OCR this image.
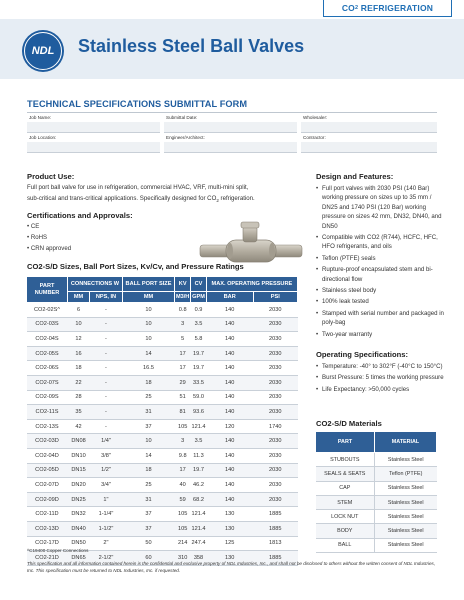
CO 2 REFRIGERATION
NDL	Stainless Steel Ball Valves
TECHNICAL SPECIFICATIONS SUBMITTAL FORM
Job Name:	Submittal Date:	Wholesaler:
Job Location:	Engineer/Architect:	Contractor:
Product Use:
Full port ball valve for use in refrigeration, commercial HVAC, VRF, multi-mini split,
sub-critical and trans-critical applications. Specifically designed for $CO_2$ refrigeration.
Certifications and Approvals:
• CE
• RoHS
• CRN approved
CO2-S/D Sizes, Ball Port Sizes, Kv/Cv, and Pressure Ratings
PART NUMBER	CONNECTIONS W		BALL PORT SIZE	KV	CV	MAX. OPERATING PRESSURE	
	MM	NPS, IN	MM	M3/H	GPM	BAR	PSI
CO2-02S^	6	-	10	0.8	0.9	140	2030
CO2-03S	10	-	10	3	3.5	140	2030
CO2-04S	12	-	10	5	5.8	140	2030
CO2-05S	16	-	14	17	19.7	140	2030
CO2-06S	18	-	16.5	17	19.7	140	2030
CO2-07S	22	-	18	29	33.5	140	2030
CO2-09S	28	-	25	51	59.0	140	2030
CO2-11S	35	-	31	81	93.6	140	2030
CO2-13S	42	-	37	105	121.4	120	1740
CO2-03D	DN08	1/4"	10	3	3.5	140	2030
CO2-04D	DN10	3/8"	14	9.8	11.3	140	2030
CO2-05D	DN15	1/2"	18	17	19.7	140	2030
CO2-07D	DN20	3/4"	25	40	46.2	140	2030
CO2-09D	DN25	1"	31	59	68.2	140	2030
CO2-11D	DN32	1-1/4"	37	105	121.4	130	1885
CO2-13D	DN40	1-1/2"	37	105	121.4	130	1885
CO2-17D	DN50	2"	50	214	247.4	125	1813
CO2-21D	DN65	2-1/2"	60	310	358	130	1885
^C19400 Copper Connections
This specification and all information contained herein is the confidential and exclusive property of NDL Industries, Inc., and shall not be disclosed to others without the written consent of NDL Industries, Inc. This specification must be returned to NDL Industries, Inc. if requested.
Design and Features:
• Full port valves with 2030 PSI (140 Bar) working pressure on sizes up to 35 mm / DN25 and 1740 PSI (120 Bar) working pressure on sizes 42 mm, DN32, DN40, and DN50
• Compatible with CO2 (R744), HCFC, HFC, HFO refrigerants, and oils
• Teflon (PTFE) seals
• Rupture-proof encapsulated stem and bi-directional flow
• Stainless steel body
• 100% leak tested
• Stamped with serial number and packaged in poly-bag
• Two-year warranty
Operating Specifications:
• Temperature: -40° to 302°F (-40°C to 150°C)
• Burst Pressure: 5 times the working pressure
• Life Expectancy: >50,000 cycles
CO2-S/D Materials
PART	MATERIAL
STUBOUTS	Stainless Steel
SEALS & SEATS	Teflon (PTFE)
CAP	Stainless Steel
STEM	Stainless Steel
LOCK NUT	Stainless Steel
BODY	Stainless Steel
BALL	Stainless Steel
